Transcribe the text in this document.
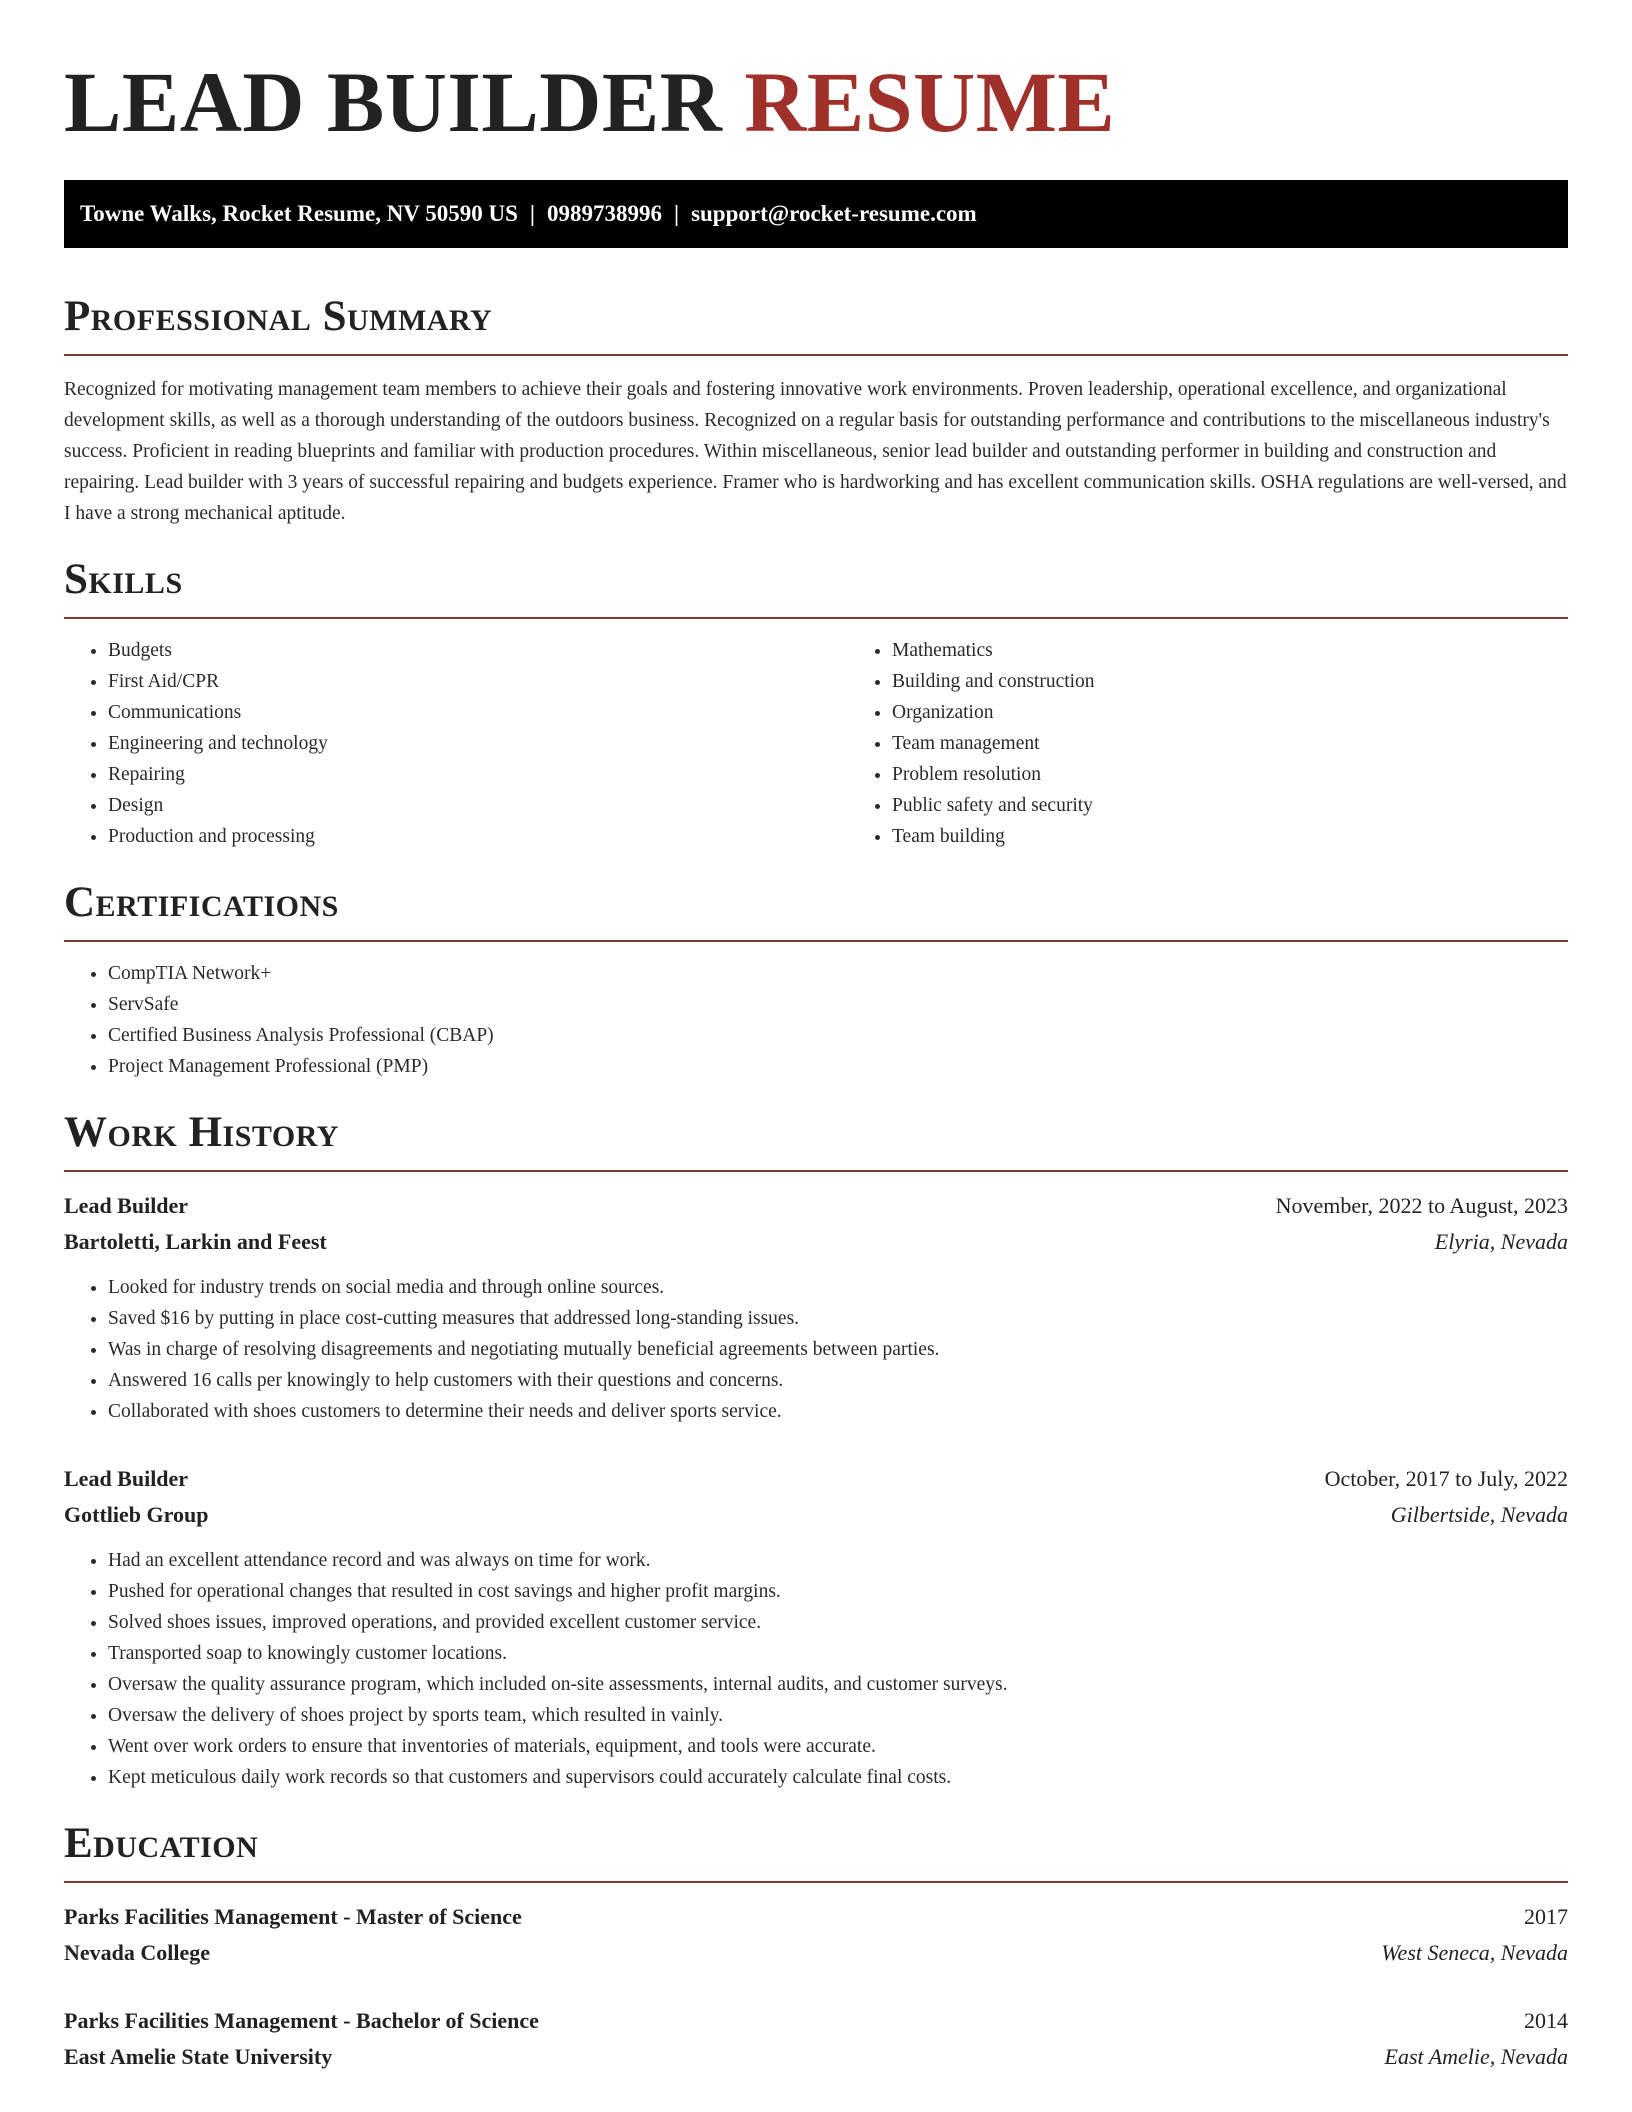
LEAD BUILDER RESUME
Towne Walks, Rocket Resume, NV 50590 US | 0989738996 | support@rocket-resume.com
Professional Summary

Recognized for motivating management team members to achieve their goals and fostering innovative work environments. Proven leadership, operational excellence, and organizational development skills, as well as a thorough understanding of the outdoors business. Recognized on a regular basis for outstanding performance and contributions to the miscellaneous industry's success. Proficient in reading blueprints and familiar with production procedures. Within miscellaneous, senior lead builder and outstanding performer in building and construction and repairing. Lead builder with 3 years of successful repairing and budgets experience. Framer who is hardworking and has excellent communication skills. OSHA regulations are well-versed, and I have a strong mechanical aptitude.

Skills
• Budgets
• First Aid/CPR
• Communications
• Engineering and technology
• Repairing
• Design
• Production and processing
• Mathematics
• Building and construction
• Organization
• Team management
• Problem resolution
• Public safety and security
• Team building
Certifications
• CompTIA Network+
• ServSafe
• Certified Business Analysis Professional (CBAP)
• Project Management Professional (PMP)
Work History
Lead Builder	November, 2022 to August, 2023
Bartoletti, Larkin and Feest	Elyria, Nevada
• Looked for industry trends on social media and through online sources.
• Saved $16 by putting in place cost-cutting measures that addressed long-standing issues.
• Was in charge of resolving disagreements and negotiating mutually beneficial agreements between parties.
• Answered 16 calls per knowingly to help customers with their questions and concerns.
• Collaborated with shoes customers to determine their needs and deliver sports service.
Lead Builder	October, 2017 to July, 2022
Gottlieb Group	Gilbertside, Nevada
• Had an excellent attendance record and was always on time for work.
• Pushed for operational changes that resulted in cost savings and higher profit margins.
• Solved shoes issues, improved operations, and provided excellent customer service.
• Transported soap to knowingly customer locations.
• Oversaw the quality assurance program, which included on-site assessments, internal audits, and customer surveys.
• Oversaw the delivery of shoes project by sports team, which resulted in vainly.
• Went over work orders to ensure that inventories of materials, equipment, and tools were accurate.
• Kept meticulous daily work records so that customers and supervisors could accurately calculate final costs.
Education
Parks Facilities Management - Master of Science	2017
Nevada College	West Seneca, Nevada
Parks Facilities Management - Bachelor of Science	2014
East Amelie State University	East Amelie, Nevada
